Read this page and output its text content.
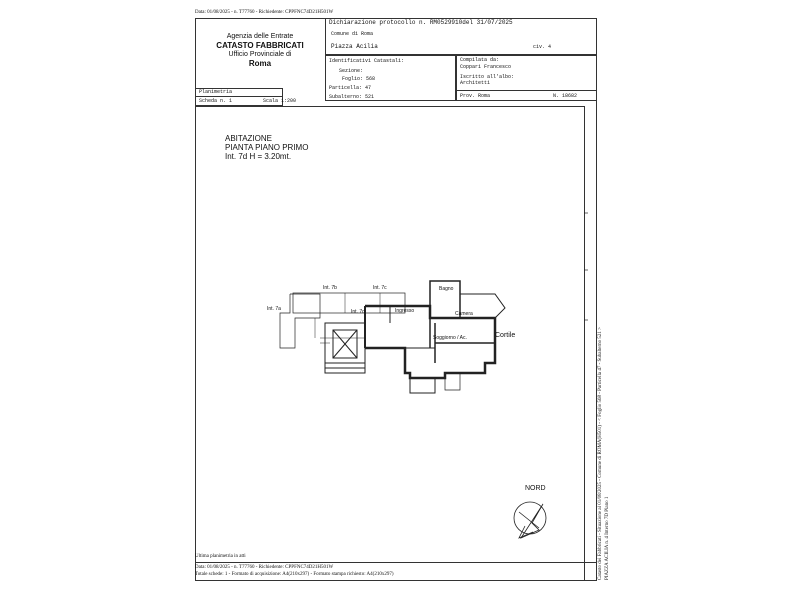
Data: 01/08/2025 - n. T77760 - Richiedente: CPPFNC74D21H501W
Agenzia delle Entrate
CATASTO FABBRICATI
Ufficio Provinciale di
Roma
Dichiarazione protocollo n. RM0529910del 31/07/2025
Comune di Roma
Piazza Acilia	civ. 4
Identificativi Catastali:
Sezione:
Foglio: 568
Particella: 47
Subalterno: 521
Compilata da:
Coppari Francesco
Iscritto all'albo:
Architetti
Prov. Roma	N. 18682
Planimetria
Scheda n. 1	Scala 1:200
ABITAZIONE
PIANTA PIANO PRIMO
Int. 7d H = 3.20mt.
Int. 7b	Int. 7c
Int. 7a	Int. 7d
Bagno
Camera
Ingresso
Soggiorno / Ac.	Cortile
NORD
Ultima planimetria in atti
Data: 01/08/2025 - n. T77760 - Richiedente: CPPFNC74D21H501W
Totale schede: 1 - Formato di acquisizione: A4(210x297) - Formato stampa richiesto: A4(210x297)	Catasto dei Fabbricati - Situazione al 01/08/2025 - Comune di ROMA(H501) - < Foglio 568 - Particella 47 - Subalterno 521 > PIAZZA ACILIA n. 4 Interno 7D Piano 1
